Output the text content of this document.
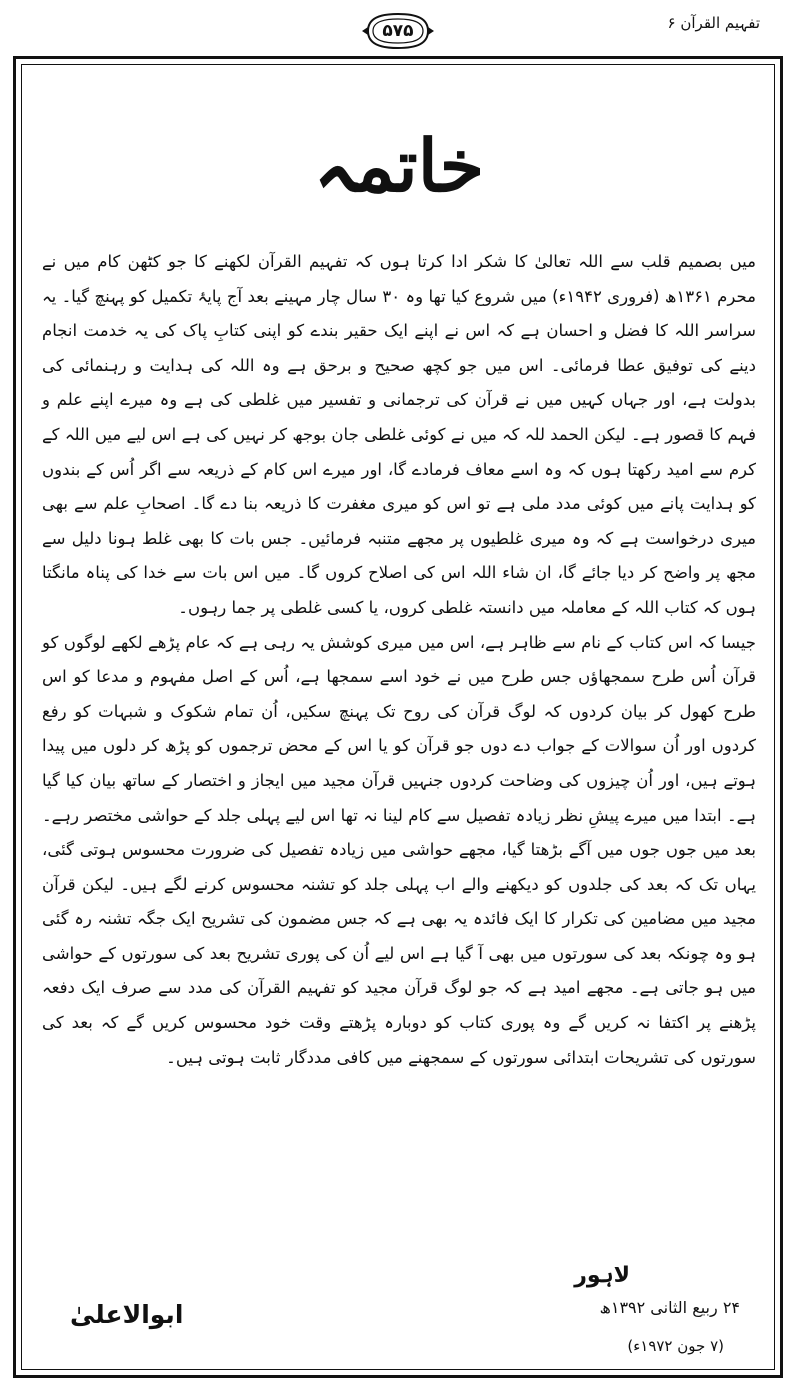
تفہیم القرآن ۶
۵۷۵
خاتمہ

میں بصمیم قلب سے اللہ تعالیٰ کا شکر ادا کرتا ہوں کہ تفہیم القرآن لکھنے کا جو کٹھن کام میں نے محرم ۱۳۶۱ھ (فروری ۱۹۴۲ء) میں شروع کیا تھا وہ ۳۰ سال چار مہینے بعد آج پایۂ تکمیل کو پہنچ گیا۔ یہ سراسر اللہ کا فضل و احسان ہے کہ اس نے اپنے ایک حقیر بندے کو اپنی کتابِ پاک کی یہ خدمت انجام دینے کی توفیق عطا فرمائی۔ اس میں جو کچھ صحیح و برحق ہے وہ اللہ کی ہدایت و رہنمائی کی بدولت ہے، اور جہاں کہیں میں نے قرآن کی ترجمانی و تفسیر میں غلطی کی ہے وہ میرے اپنے علم و فہم کا قصور ہے۔ لیکن الحمد للہ کہ میں نے کوئی غلطی جان بوجھ کر نہیں کی ہے اس لیے میں اللہ کے کرم سے امید رکھتا ہوں کہ وہ اسے معاف فرمادے گا، اور میرے اس کام کے ذریعہ سے اگر اُس کے بندوں کو ہدایت پانے میں کوئی مدد ملی ہے تو اس کو میری مغفرت کا ذریعہ بنا دے گا۔ اصحابِ علم سے بھی میری درخواست ہے کہ وہ میری غلطیوں پر مجھے متنبہ فرمائیں۔ جس بات کا بھی غلط ہونا دلیل سے مجھ پر واضح کر دیا جائے گا، ان شاء اللہ اس کی اصلاح کروں گا۔ میں اس بات سے خدا کی پناہ مانگتا ہوں کہ کتاب اللہ کے معاملہ میں دانستہ غلطی کروں، یا کسی غلطی پر جما رہوں۔

جیسا کہ اس کتاب کے نام سے ظاہر ہے، اس میں میری کوشش یہ رہی ہے کہ عام پڑھے لکھے لوگوں کو قرآن اُس طرح سمجھاؤں جس طرح میں نے خود اسے سمجھا ہے، اُس کے اصل مفہوم و مدعا کو اس طرح کھول کر بیان کردوں کہ لوگ قرآن کی روح تک پہنچ سکیں، اُن تمام شکوک و شبہات کو رفع کردوں اور اُن سوالات کے جواب دے دوں جو قرآن کو یا اس کے محض ترجموں کو پڑھ کر دلوں میں پیدا ہوتے ہیں، اور اُن چیزوں کی وضاحت کردوں جنہیں قرآن مجید میں ایجاز و اختصار کے ساتھ بیان کیا گیا ہے۔ ابتدا میں میرے پیشِ نظر زیادہ تفصیل سے کام لینا نہ تھا اس لیے پہلی جلد کے حواشی مختصر رہے۔ بعد میں جوں جوں میں آگے بڑھتا گیا، مجھے حواشی میں زیادہ تفصیل کی ضرورت محسوس ہوتی گئی، یہاں تک کہ بعد کی جلدوں کو دیکھنے والے اب پہلی جلد کو تشنہ محسوس کرنے لگے ہیں۔ لیکن قرآن مجید میں مضامین کی تکرار کا ایک فائدہ یہ بھی ہے کہ جس مضمون کی تشریح ایک جگہ تشنہ رہ گئی ہو وہ چونکہ بعد کی سورتوں میں بھی آ گیا ہے اس لیے اُن کی پوری تشریح بعد کی سورتوں کے حواشی میں ہو جاتی ہے۔ مجھے امید ہے کہ جو لوگ قرآن مجید کو تفہیم القرآن کی مدد سے صرف ایک دفعہ پڑھنے پر اکتفا نہ کریں گے وہ پوری کتاب کو دوبارہ پڑھتے وقت خود محسوس کریں گے کہ بعد کی سورتوں کی تشریحات ابتدائی سورتوں کے سمجھنے میں کافی مددگار ثابت ہوتی ہیں۔

لاہور
۲۴ ربیع الثانی ۱۳۹۲ھ
(۷ جون ۱۹۷۲ء)
ابوالاعلیٰ
